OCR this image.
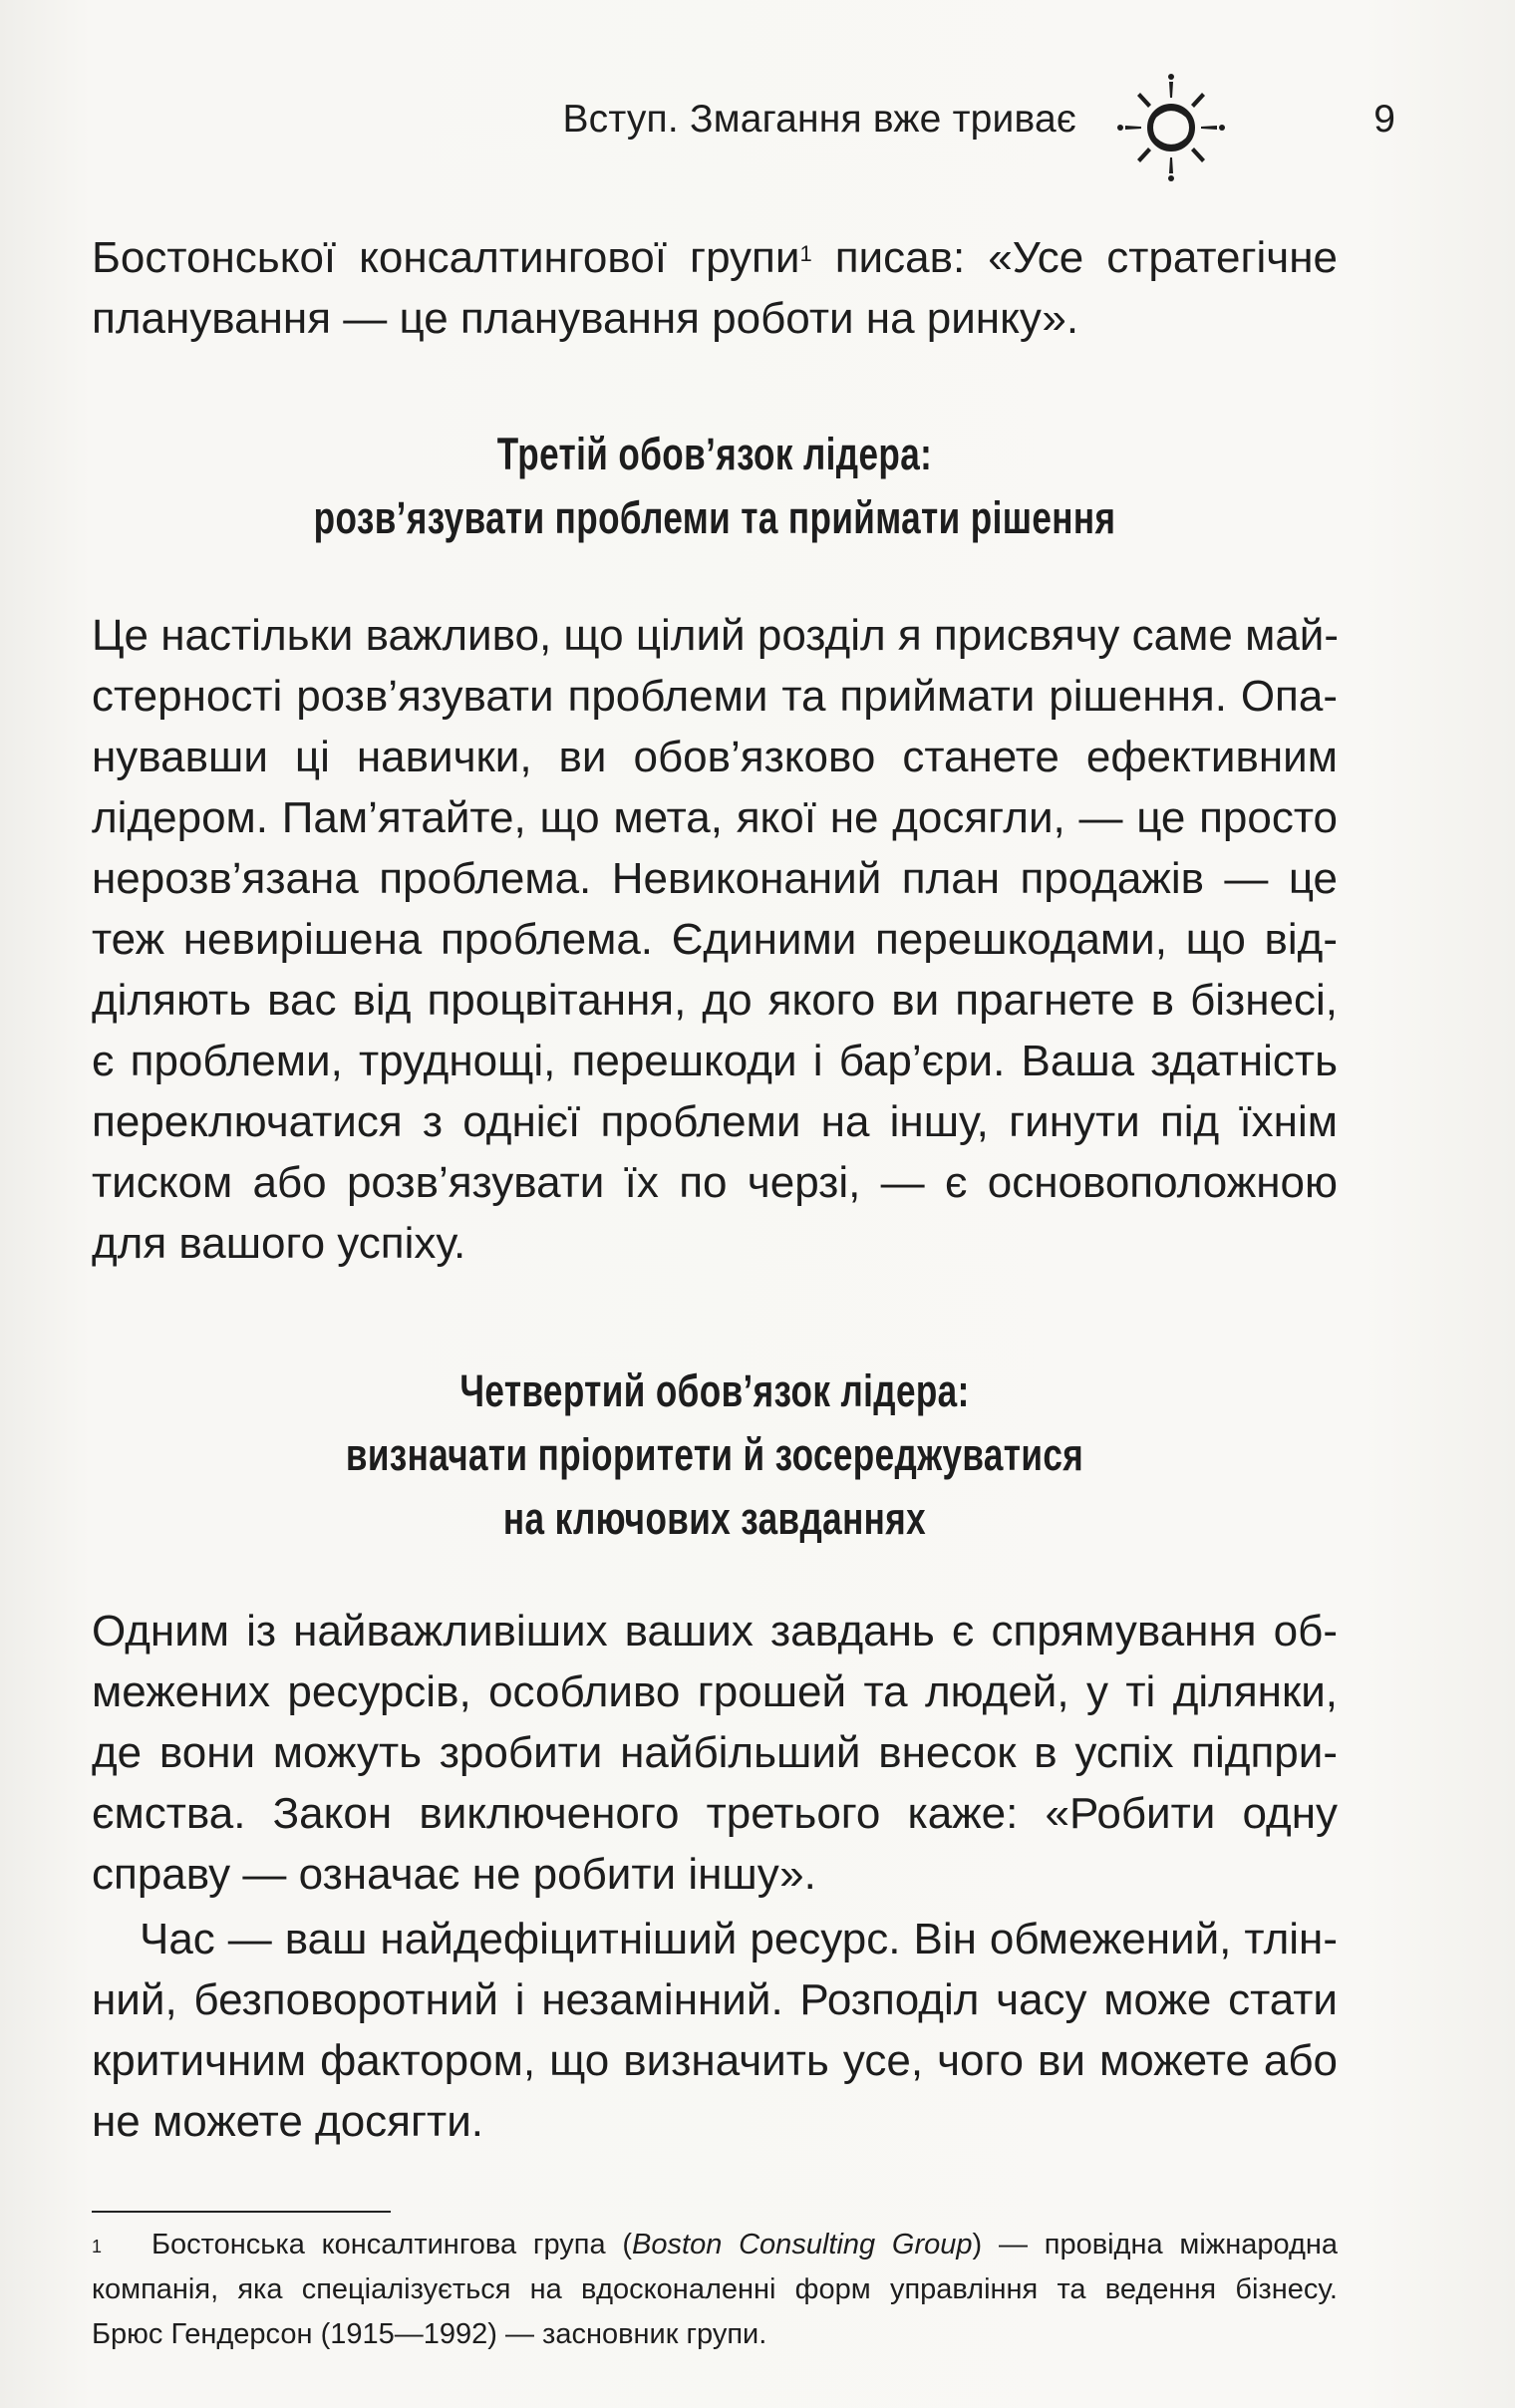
Вступ. Змагання вже триває	9
Бостонської консалтингової групи$^1$ писав: «Усе стратегічне
планування — це планування роботи на ринку».
Третій обов’язок лідера:
розв’язувати проблеми та приймати рішення
Це настільки важливо, що цілий розділ я присвячу саме май-
стерності розв’язувати проблеми та приймати рішення. Опа-
нувавши ці навички, ви обов’язково станете ефективним
лідером. Пам’ятайте, що мета, якої не досягли, — це просто
нерозв’язана проблема. Невиконаний план продажів — це
теж невирішена проблема. Єдиними перешкодами, що від-
діляють вас від процвітання, до якого ви прагнете в бізнесі,
є проблеми, труднощі, перешкоди і бар’єри. Ваша здатність
переключатися з однієї проблеми на іншу, гинути під їхнім
тиском або розв’язувати їх по черзі, — є основоположною
для вашого успіху.
Четвертий обов’язок лідера:
визначати пріоритети й зосереджуватися
на ключових завданнях
Одним із найважливіших ваших завдань є спрямування об-
межених ресурсів, особливо грошей та людей, у ті ділянки,
де вони можуть зробити найбільший внесок в успіх підпри-
ємства. Закон виключеного третього каже: «Робити одну
справу — означає не робити іншу».
Час — ваш найдефіцитніший ресурс. Він обмежений, тлін-
ний, безповоротний і незамінний. Розподіл часу може стати
критичним фактором, що визначить усе, чого ви можете або
не можете досягти.
$^1$ Бостонська консалтингова група (Boston Consulting Group) — провідна міжнародна
компанія, яка спеціалізується на вдосконаленні форм управління та ведення бізнесу.
Брюс Гендерсон (1915—1992) — засновник групи.
